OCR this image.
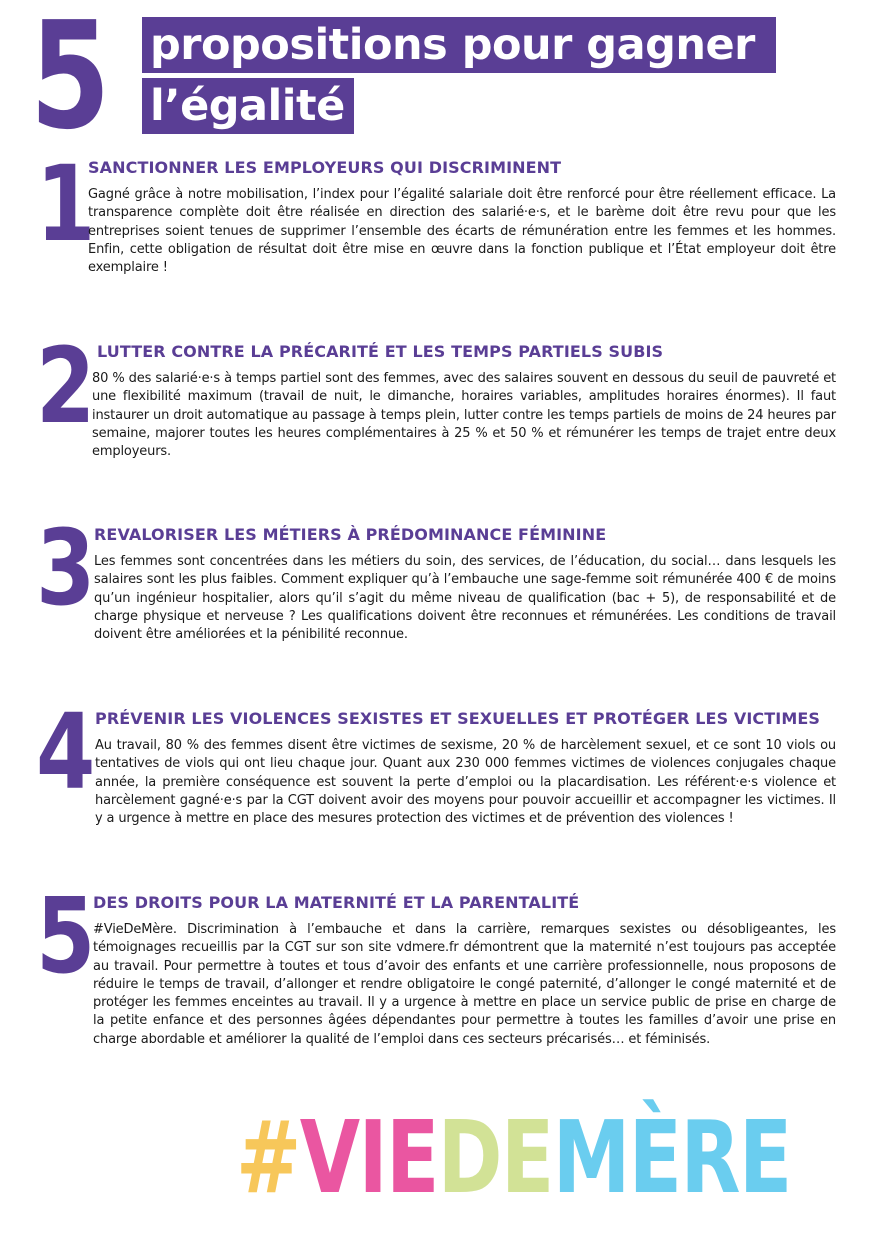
5 propositions pour gagner
l’égalité
1
SANCTIONNER LES EMPLOYEURS QUI DISCRIMINENT
Gagné grâce à notre mobilisation, l’index pour l’égalité salariale doit être renforcé pour être réellement efficace. La transparence complète doit être réalisée en direction des salarié·e·s, et le barème doit être revu pour que les entreprises soient tenues de supprimer l’ensemble des écarts de rémunération entre les femmes et les hommes. Enfin, cette obligation de résultat doit être mise en œuvre dans la fonction publique et l’État employeur doit être exemplaire !
2 LUTTER CONTRE LA PRÉCARITÉ ET LES TEMPS PARTIELS SUBIS
80 % des salarié·e·s à temps partiel sont des femmes, avec des salaires souvent en dessous du seuil de pauvreté et une flexibilité maximum (travail de nuit, le dimanche, horaires variables, amplitudes horaires énormes). Il faut instaurer un droit automatique au passage à temps plein, lutter contre les temps partiels de moins de 24 heures par semaine, majorer toutes les heures complémentaires à 25 % et 50 % et rémunérer les temps de trajet entre deux employeurs.
3
REVALORISER LES MÉTIERS À PRÉDOMINANCE FÉMININE
Les femmes sont concentrées dans les métiers du soin, des services, de l’éducation, du social… dans lesquels les salaires sont les plus faibles. Comment expliquer qu’à l’embauche une sage-femme soit rémunérée 400 € de moins qu’un ingénieur hospitalier, alors qu’il s’agit du même niveau de qualification (bac + 5), de responsabilité et de charge physique et nerveuse ? Les qualifications doivent être reconnues et rémunérées. Les conditions de travail doivent être améliorées et la pénibilité reconnue.
4 PRÉVENIR LES VIOLENCES SEXISTES ET SEXUELLES ET PROTÉGER LES VICTIMES
Au travail, 80 % des femmes disent être victimes de sexisme, 20 % de harcèlement sexuel, et ce sont 10 viols ou tentatives de viols qui ont lieu chaque jour. Quant aux 230 000 femmes victimes de violences conjugales chaque année, la première conséquence est souvent la perte d’emploi ou la placardisation. Les référent·e·s violence et harcèlement gagné·e·s par la CGT doivent avoir des moyens pour pouvoir accueillir et accompagner les victimes. Il y a urgence à mettre en place des mesures protection des victimes et de prévention des violences !
5
DES DROITS POUR LA MATERNITÉ ET LA PARENTALITÉ
#VieDeMère. Discrimination à l’embauche et dans la carrière, remarques sexistes ou désobligeantes, les témoignages recueillis par la CGT sur son site vdmere.fr démontrent que la maternité n’est toujours pas acceptée au travail. Pour permettre à toutes et tous d’avoir des enfants et une carrière professionnelle, nous proposons de réduire le temps de travail, d’allonger et rendre obligatoire le congé paternité, d’allonger le congé maternité et de protéger les femmes enceintes au travail. Il y a urgence à mettre en place un service public de prise en charge de la petite enfance et des personnes âgées dépendantes pour permettre à toutes les familles d’avoir une prise en charge abordable et améliorer la qualité de l’emploi dans ces secteurs précarisés… et féminisés.
#VIEDEMÈRE
